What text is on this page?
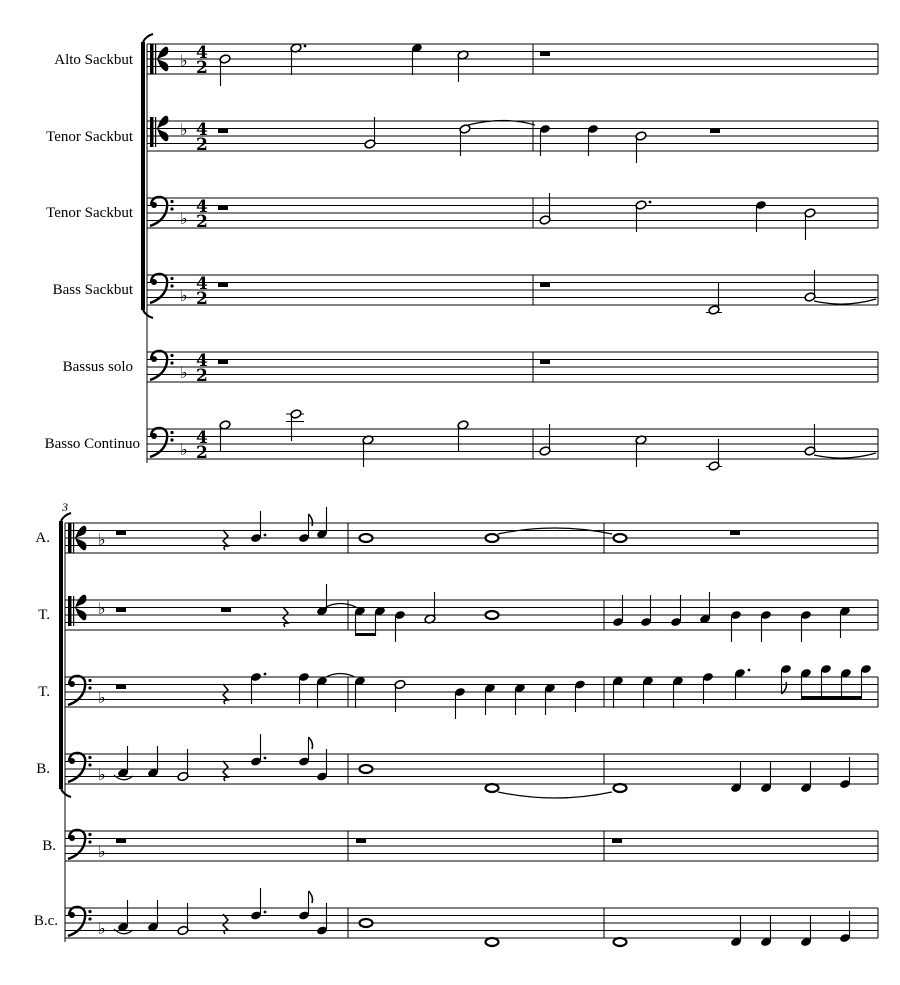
Alto Sackbut
Tenor Sackbut
Tenor Sackbut
Bass Sackbut
Bassus solo
Basso Continuo
♭
♭
♭
♭
♭
♭
4
2
4
2
4
2
4
2
4
2
4
2
3
A.
T.
T.
B.
B.
B.c.
♭
♭
♭
♭
♭
♭
